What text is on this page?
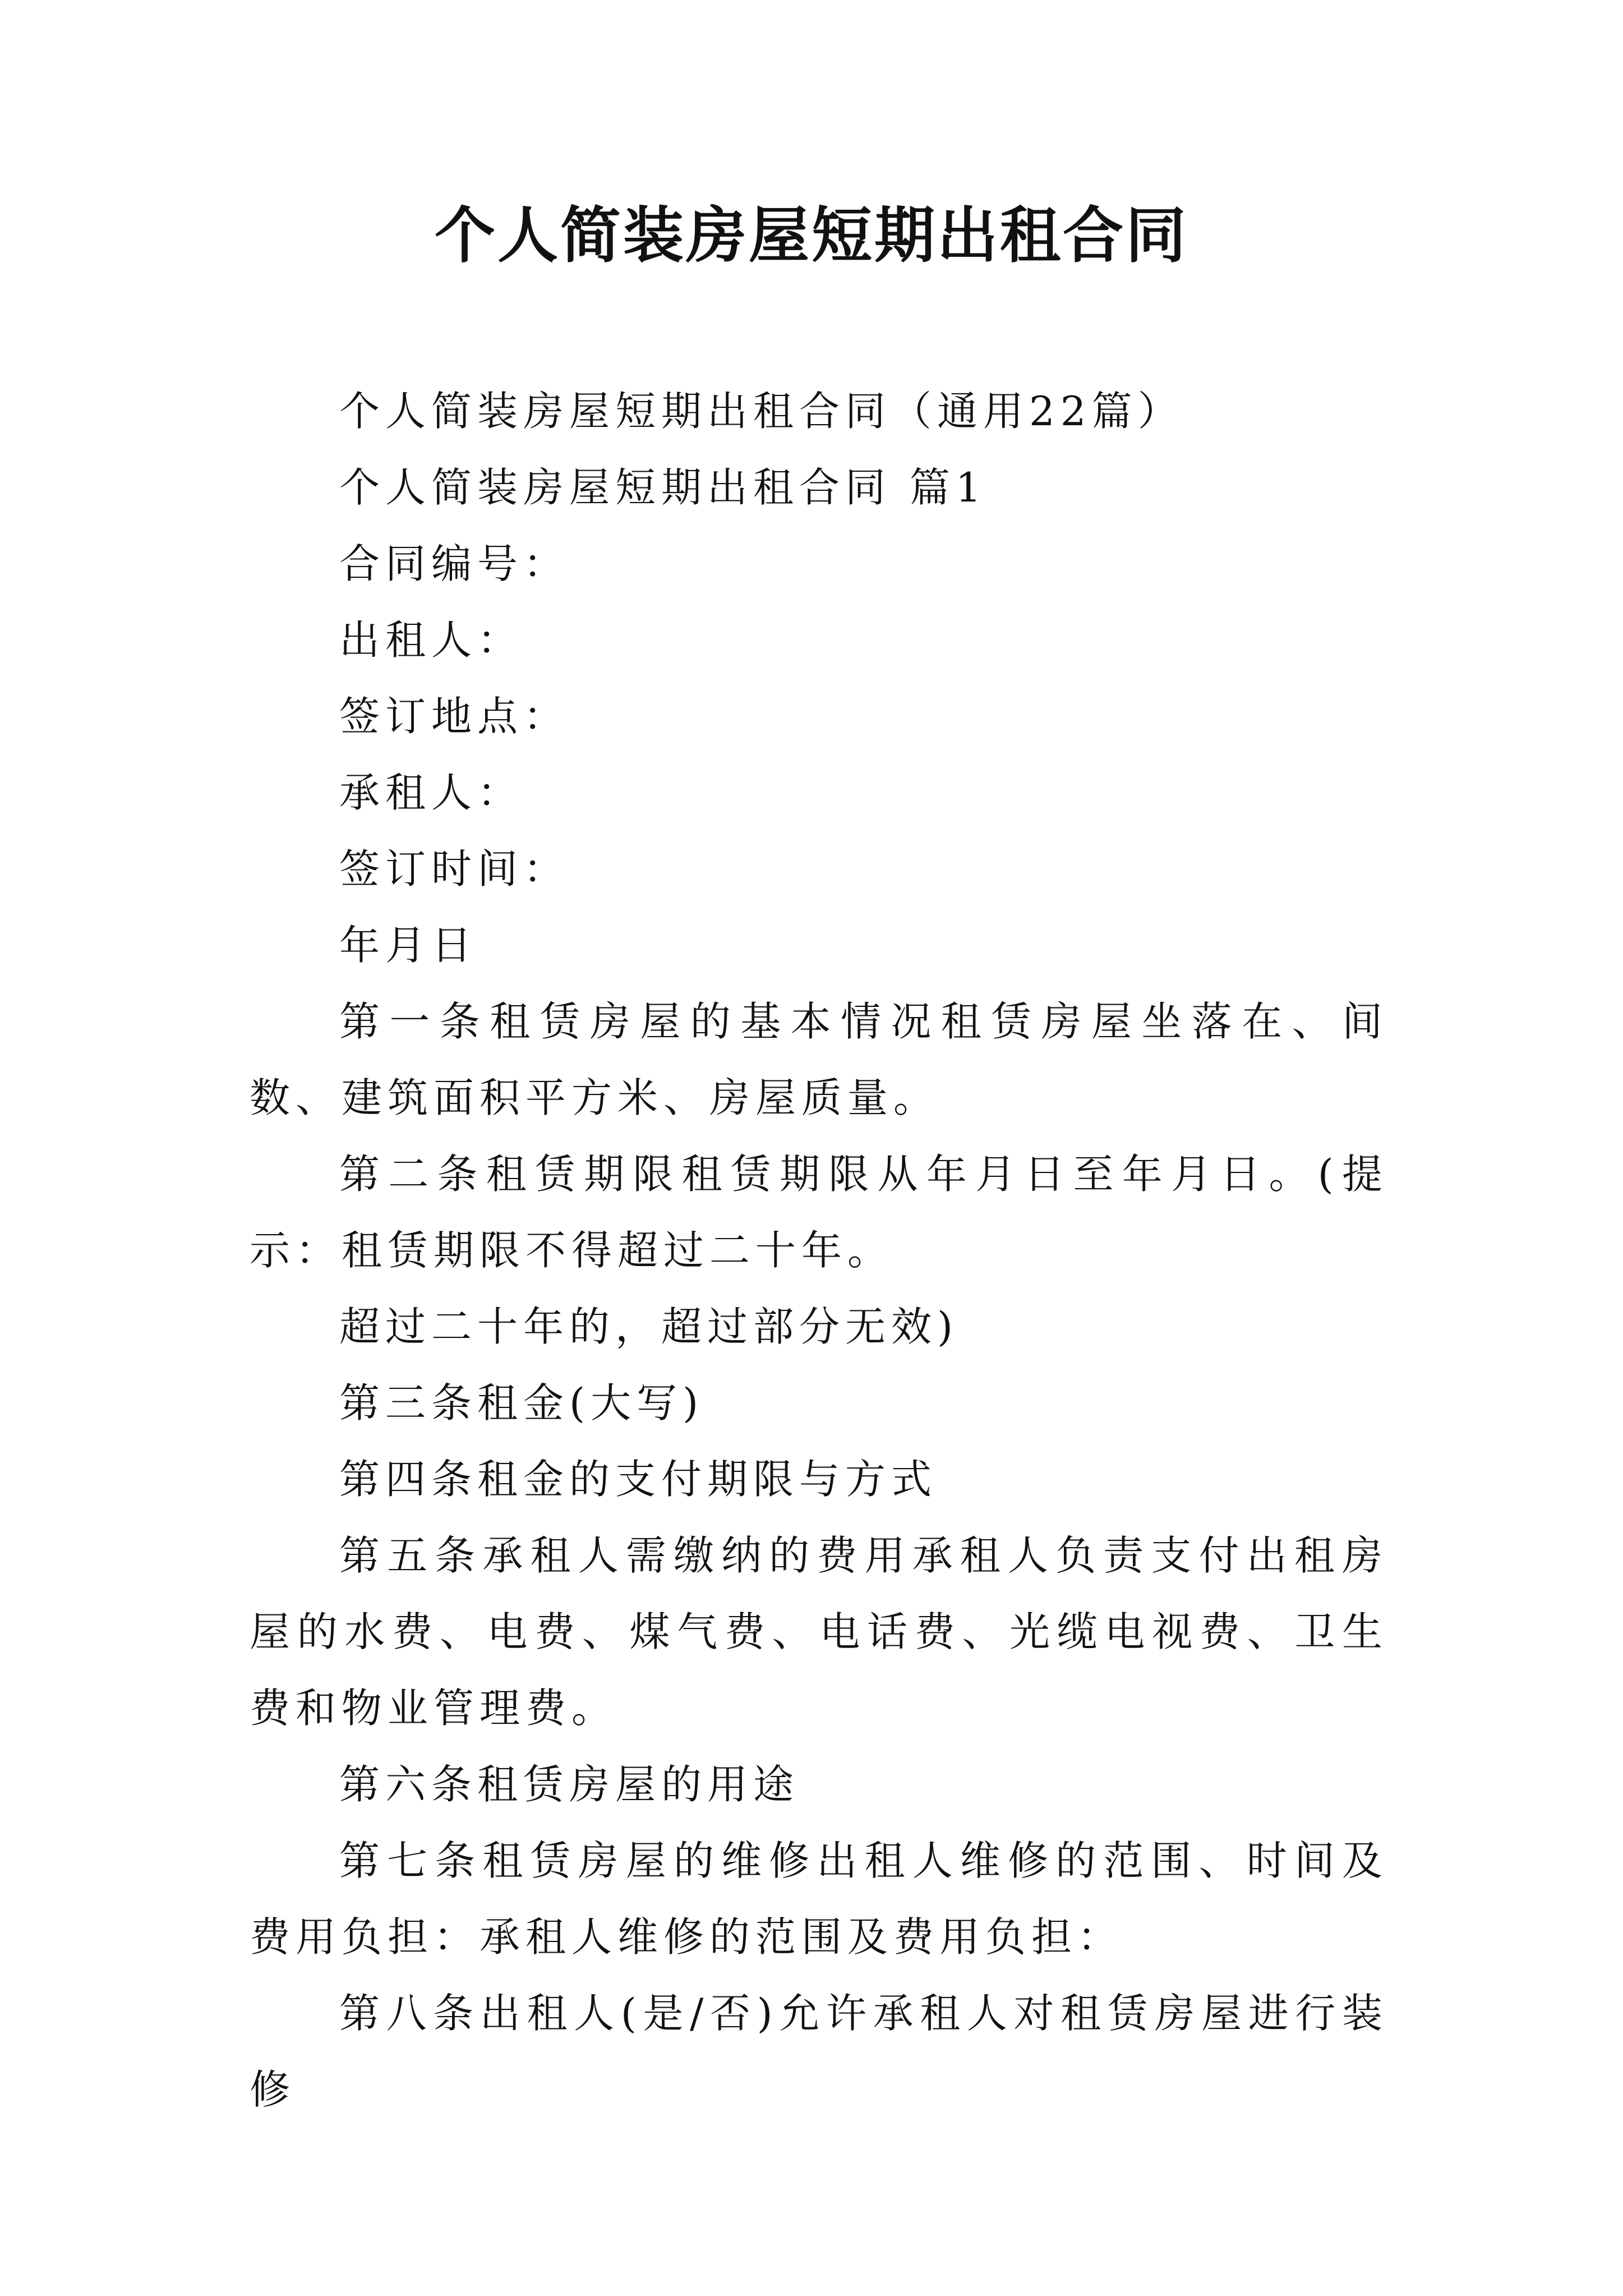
个人简装房屋短期出租合同

个人简装房屋短期出租合同（通用22篇）

个人简装房屋短期出租合同 篇1

合同编号：

出租人：

签订地点：

承租人：

签订时间：

年月日

第一条租赁房屋的基本情况租赁房屋坐落在、间数、建筑面积平方米、房屋质量。

第二条租赁期限租赁期限从年月日至年月日。(提示：租赁期限不得超过二十年。

超过二十年的，超过部分无效)

第三条租金(大写)

第四条租金的支付期限与方式

第五条承租人需缴纳的费用承租人负责支付出租房屋的水费、电费、煤气费、电话费、光缆电视费、卫生费和物业管理费。

第六条租赁房屋的用途

第七条租赁房屋的维修出租人维修的范围、时间及费用负担：承租人维修的范围及费用负担：

第八条出租人(是/否)允许承租人对租赁房屋进行装修
